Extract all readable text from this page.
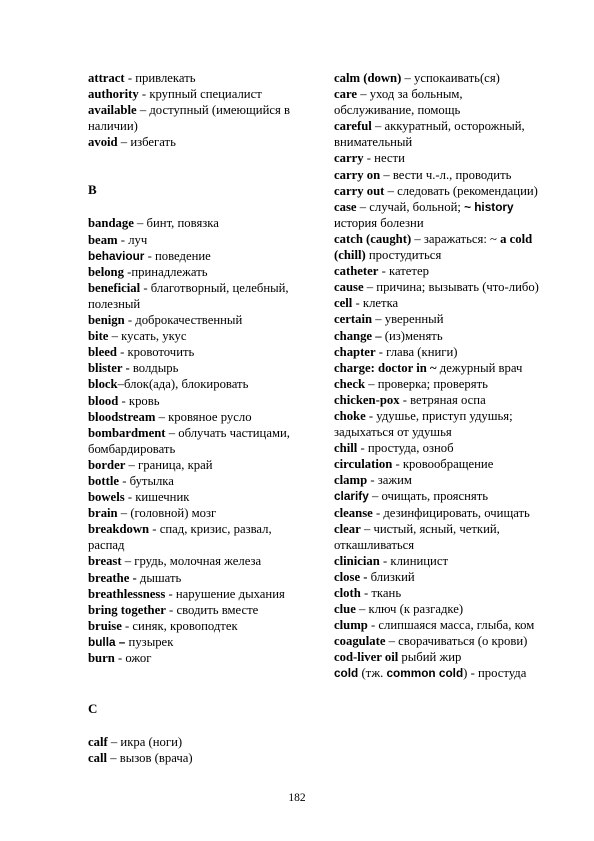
attract - привлекать
authority - крупный специалист
available – доступный (имеющийся в наличии)
avoid – избегать
B
bandage – бинт, повязка
beam - луч
behaviour - поведение
belong -принадлежать
beneficial - благотворный, целебный, полезный
benign - доброкачественный
bite – кусать, укус
bleed - кровоточить
blister - волдырь
block–блок(ада), блокировать
blood - кровь
bloodstream – кровяное русло
bombardment – облучать частицами, бомбардировать
border – граница, край
bottle - бутылка
bowels - кишечник
brain – (головной) мозг
breakdown - спад, кризис, развал, распад
breast – грудь, молочная железа
breathe - дышать
breathlessness - нарушение дыхания
bring together - сводить вместе
bruise - синяк, кровоподтек
bulla – пузырек
burn - ожог
C
calf – икра (ноги)
call – вызов (врача)
calm (down) – успокаивать(ся)
care – уход за больным, обслуживание, помощь
careful – аккуратный, осторожный, внимательный
carry - нести
carry on – вести ч.-л., проводить
carry out – следовать (рекомендации)
case – случай, больной; ~ history история болезни
catch (caught) – заражаться: ~ a cold (chill) простудиться
catheter - катетер
cause – причина; вызывать (что-либо)
cell - клетка
certain – уверенный
change – (из)менять
chapter - глава (книги)
charge: doctor in ~ дежурный врач
check – проверка; проверять
chicken-pox - ветряная оспа
choke - удушье, приступ удушья; задыхаться от удушья
chill - простуда, озноб
circulation - кровообращение
clamp - зажим
clarify – очищать, прояснять
cleanse - дезинфицировать, очищать
clear – чистый, ясный, четкий, откашливаться
clinician - клиницист
close - близкий
cloth - ткань
clue – ключ (к разгадке)
clump - слипшаяся масса, глыба, ком
coagulate – сворачиваться (о крови)
cod-liver oil рыбий жир
cold (тж. common cold) - простуда
182
